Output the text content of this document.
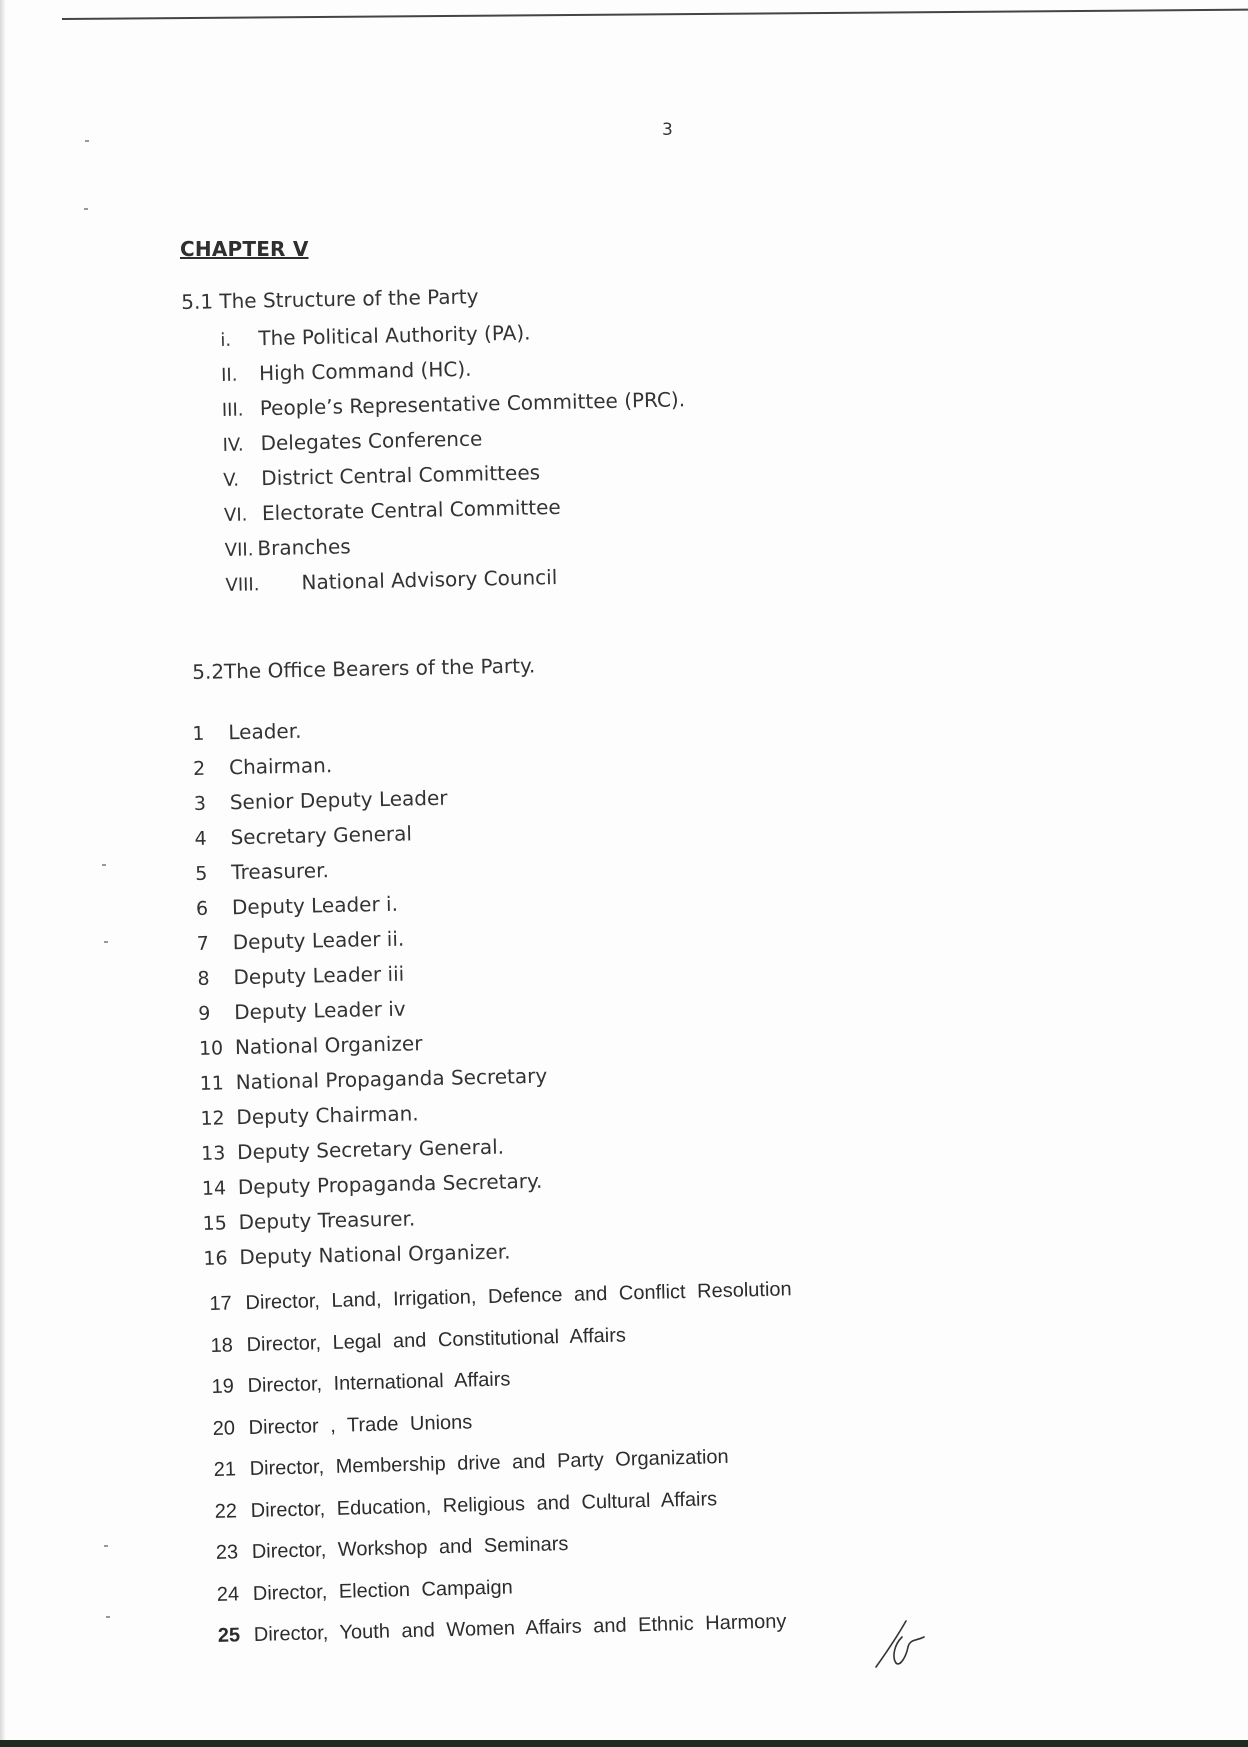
3
CHAPTER V
5.1 The Structure of the Party
i. The Political Authority (PA).
II. High Command (HC).
III. People’s Representative Committee (PRC).
IV. Delegates Conference
V. District Central Committees
VI. Electorate Central Committee
VII. Branches
VIII. National Advisory Council
5.2The Office Bearers of the Party.
1 Leader.
2 Chairman.
3 Senior Deputy Leader
4 Secretary General
5 Treasurer.
6 Deputy Leader i.
7 Deputy Leader ii.
8 Deputy Leader iii
9 Deputy Leader iv
10 National Organizer
11 National Propaganda Secretary
12 Deputy Chairman.
13 Deputy Secretary General.
14 Deputy Propaganda Secretary.
15 Deputy Treasurer.
16 Deputy National Organizer.
17 Director, Land, Irrigation, Defence and Conflict Resolution
18 Director, Legal and Constitutional Affairs
19 Director, International Affairs
20 Director , Trade Unions
21 Director, Membership drive and Party Organization
22 Director, Education, Religious and Cultural Affairs
23 Director, Workshop and Seminars
24 Director, Election Campaign
25 Director, Youth and Women Affairs and Ethnic Harmony
